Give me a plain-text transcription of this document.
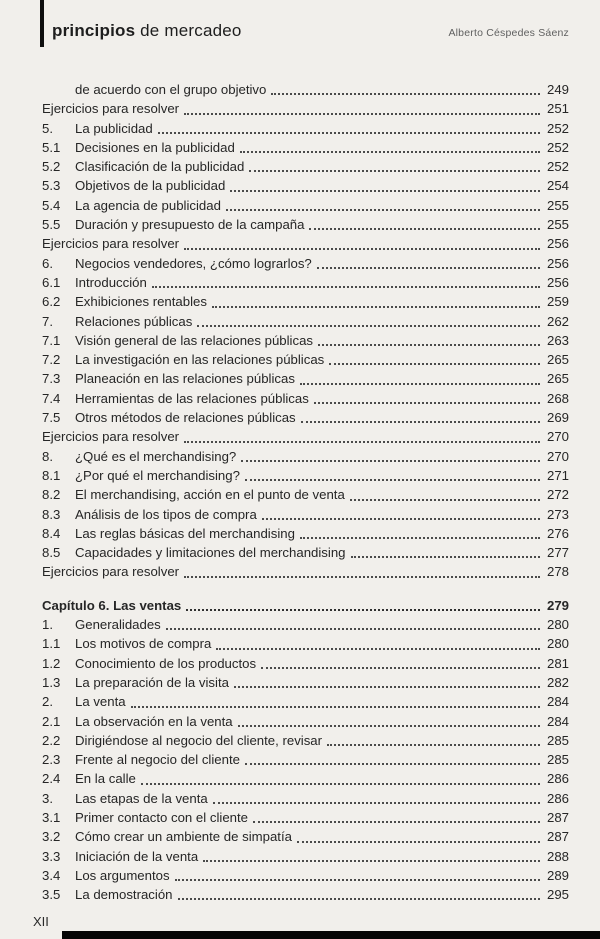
principios de mercadeo	Alberto Céspedes Sáenz
de acuerdo con el grupo objetivo	249
Ejercicios para resolver	251
5.	La publicidad	252
5.1	Decisiones en la publicidad	252
5.2	Clasificación de la publicidad	252
5.3	Objetivos de la publicidad	254
5.4	La agencia de publicidad	255
5.5	Duración y presupuesto de la campaña	255
Ejercicios para resolver	256
6.	Negocios vendedores, ¿cómo lograrlos?	256
6.1	Introducción	256
6.2	Exhibiciones rentables	259
7.	Relaciones públicas	262
7.1	Visión general de las relaciones públicas	263
7.2	La investigación en las relaciones públicas	265
7.3	Planeación en las relaciones públicas	265
7.4	Herramientas de las relaciones públicas	268
7.5	Otros métodos de relaciones públicas	269
Ejercicios para resolver	270
8.	¿Qué es el merchandising?	270
8.1	¿Por qué el merchandising?	271
8.2	El merchandising, acción en el punto de venta	272
8.3	Análisis de los tipos de compra	273
8.4	Las reglas básicas del merchandising	276
8.5	Capacidades y limitaciones del merchandising	277
Ejercicios para resolver	278
Capítulo 6. Las ventas	279
1.	Generalidades	280
1.1	Los motivos de compra	280
1.2	Conocimiento de los productos	281
1.3	La preparación de la visita	282
2.	La venta	284
2.1	La observación en la venta	284
2.2	Dirigiéndose al negocio del cliente, revisar	285
2.3	Frente al negocio del cliente	285
2.4	En la calle	286
3.	Las etapas de la venta	286
3.1	Primer contacto con el cliente	287
3.2	Cómo crear un ambiente de simpatía	287
3.3	Iniciación de la venta	288
3.4	Los argumentos	289
3.5	La demostración	295
XII
